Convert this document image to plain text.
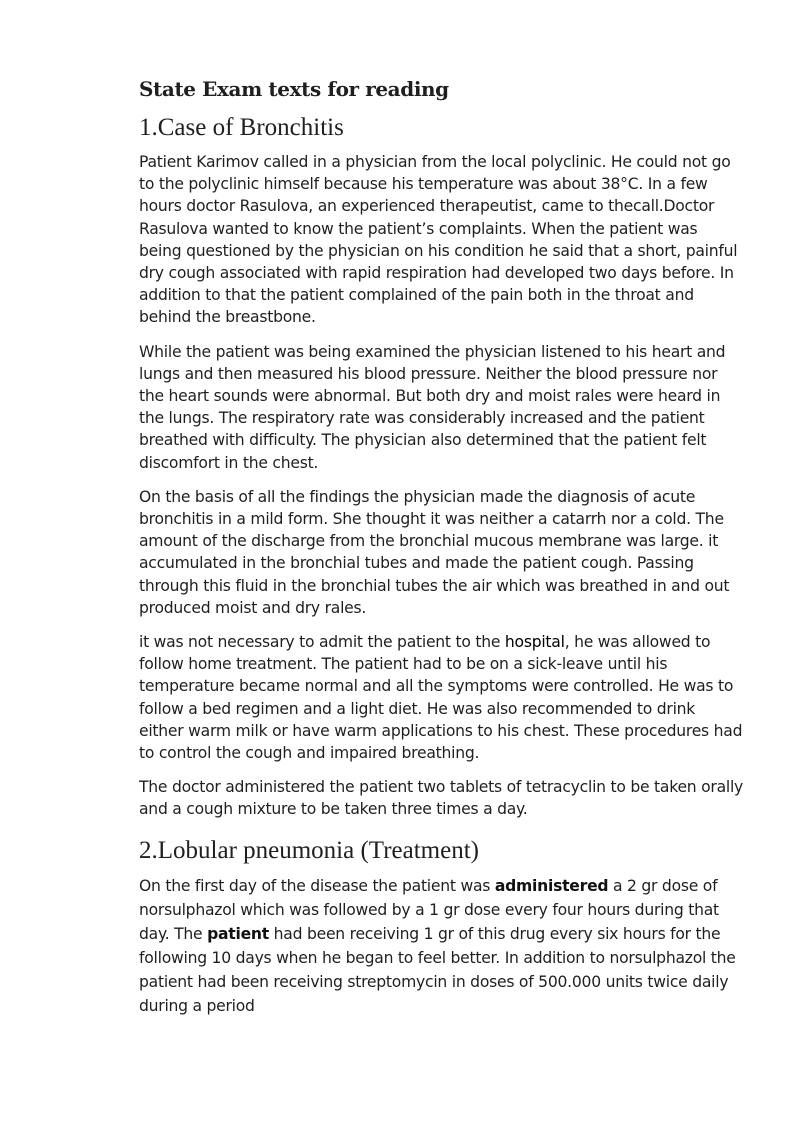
State Exam texts for reading
1.Case of Bronchitis

Patient Karimov called in a physician from the local polyclinic. He could not go to the polyclinic himself because his temperature was about 38°C. In a few hours doctor Rasulova, an experienced therapeutist, came to thecall.Doctor Rasulova wanted to know the patient’s complaints. When the patient was being questioned by the physician on his condition he said that a short, painful dry cough associated with rapid respiration had developed two days before. In addition to that the patient complained of the pain both in the throat and behind the breastbone.

While the patient was being examined the physician listened to his heart and lungs and then measured his blood pressure. Neither the blood pressure nor the heart sounds were abnormal. But both dry and moist rales were heard in the lungs. The respiratory rate was considerably increased and the patient breathed with difficulty. The physician also determined that the patient felt discomfort in the chest.

On the basis of all the findings the physician made the diagnosis of acute bronchitis in a mild form. She thought it was neither a catarrh nor a cold. The amount of the discharge from the bronchial mucous membrane was large. it accumulated in the bronchial tubes and made the patient cough. Passing through this fluid in the bronchial tubes the air which was breathed in and out produced moist and dry rales.

it was not necessary to admit the patient to the hospital, he was allowed to follow home treatment. The patient had to be on a sick-leave until his temperature became normal and all the symptoms were controlled. He was to follow a bed regimen and a light diet. He was also recommended to drink either warm milk or have warm applications to his chest. These procedures had to control the cough and impaired breathing.

The doctor administered the patient two tablets of tetracyclin to be taken orally and a cough mixture to be taken three times a day.

2.Lobular pneumonia (Treatment)

On the first day of the disease the patient was administered a 2 gr dose of norsulphazol which was followed by a 1 gr dose every four hours during that day. The patient had been receiving 1 gr of this drug every six hours for the following 10 days when he began to feel better. In addition to norsulphazol the patient had been receiving streptomycin in doses of 500.000 units twice daily during a period
